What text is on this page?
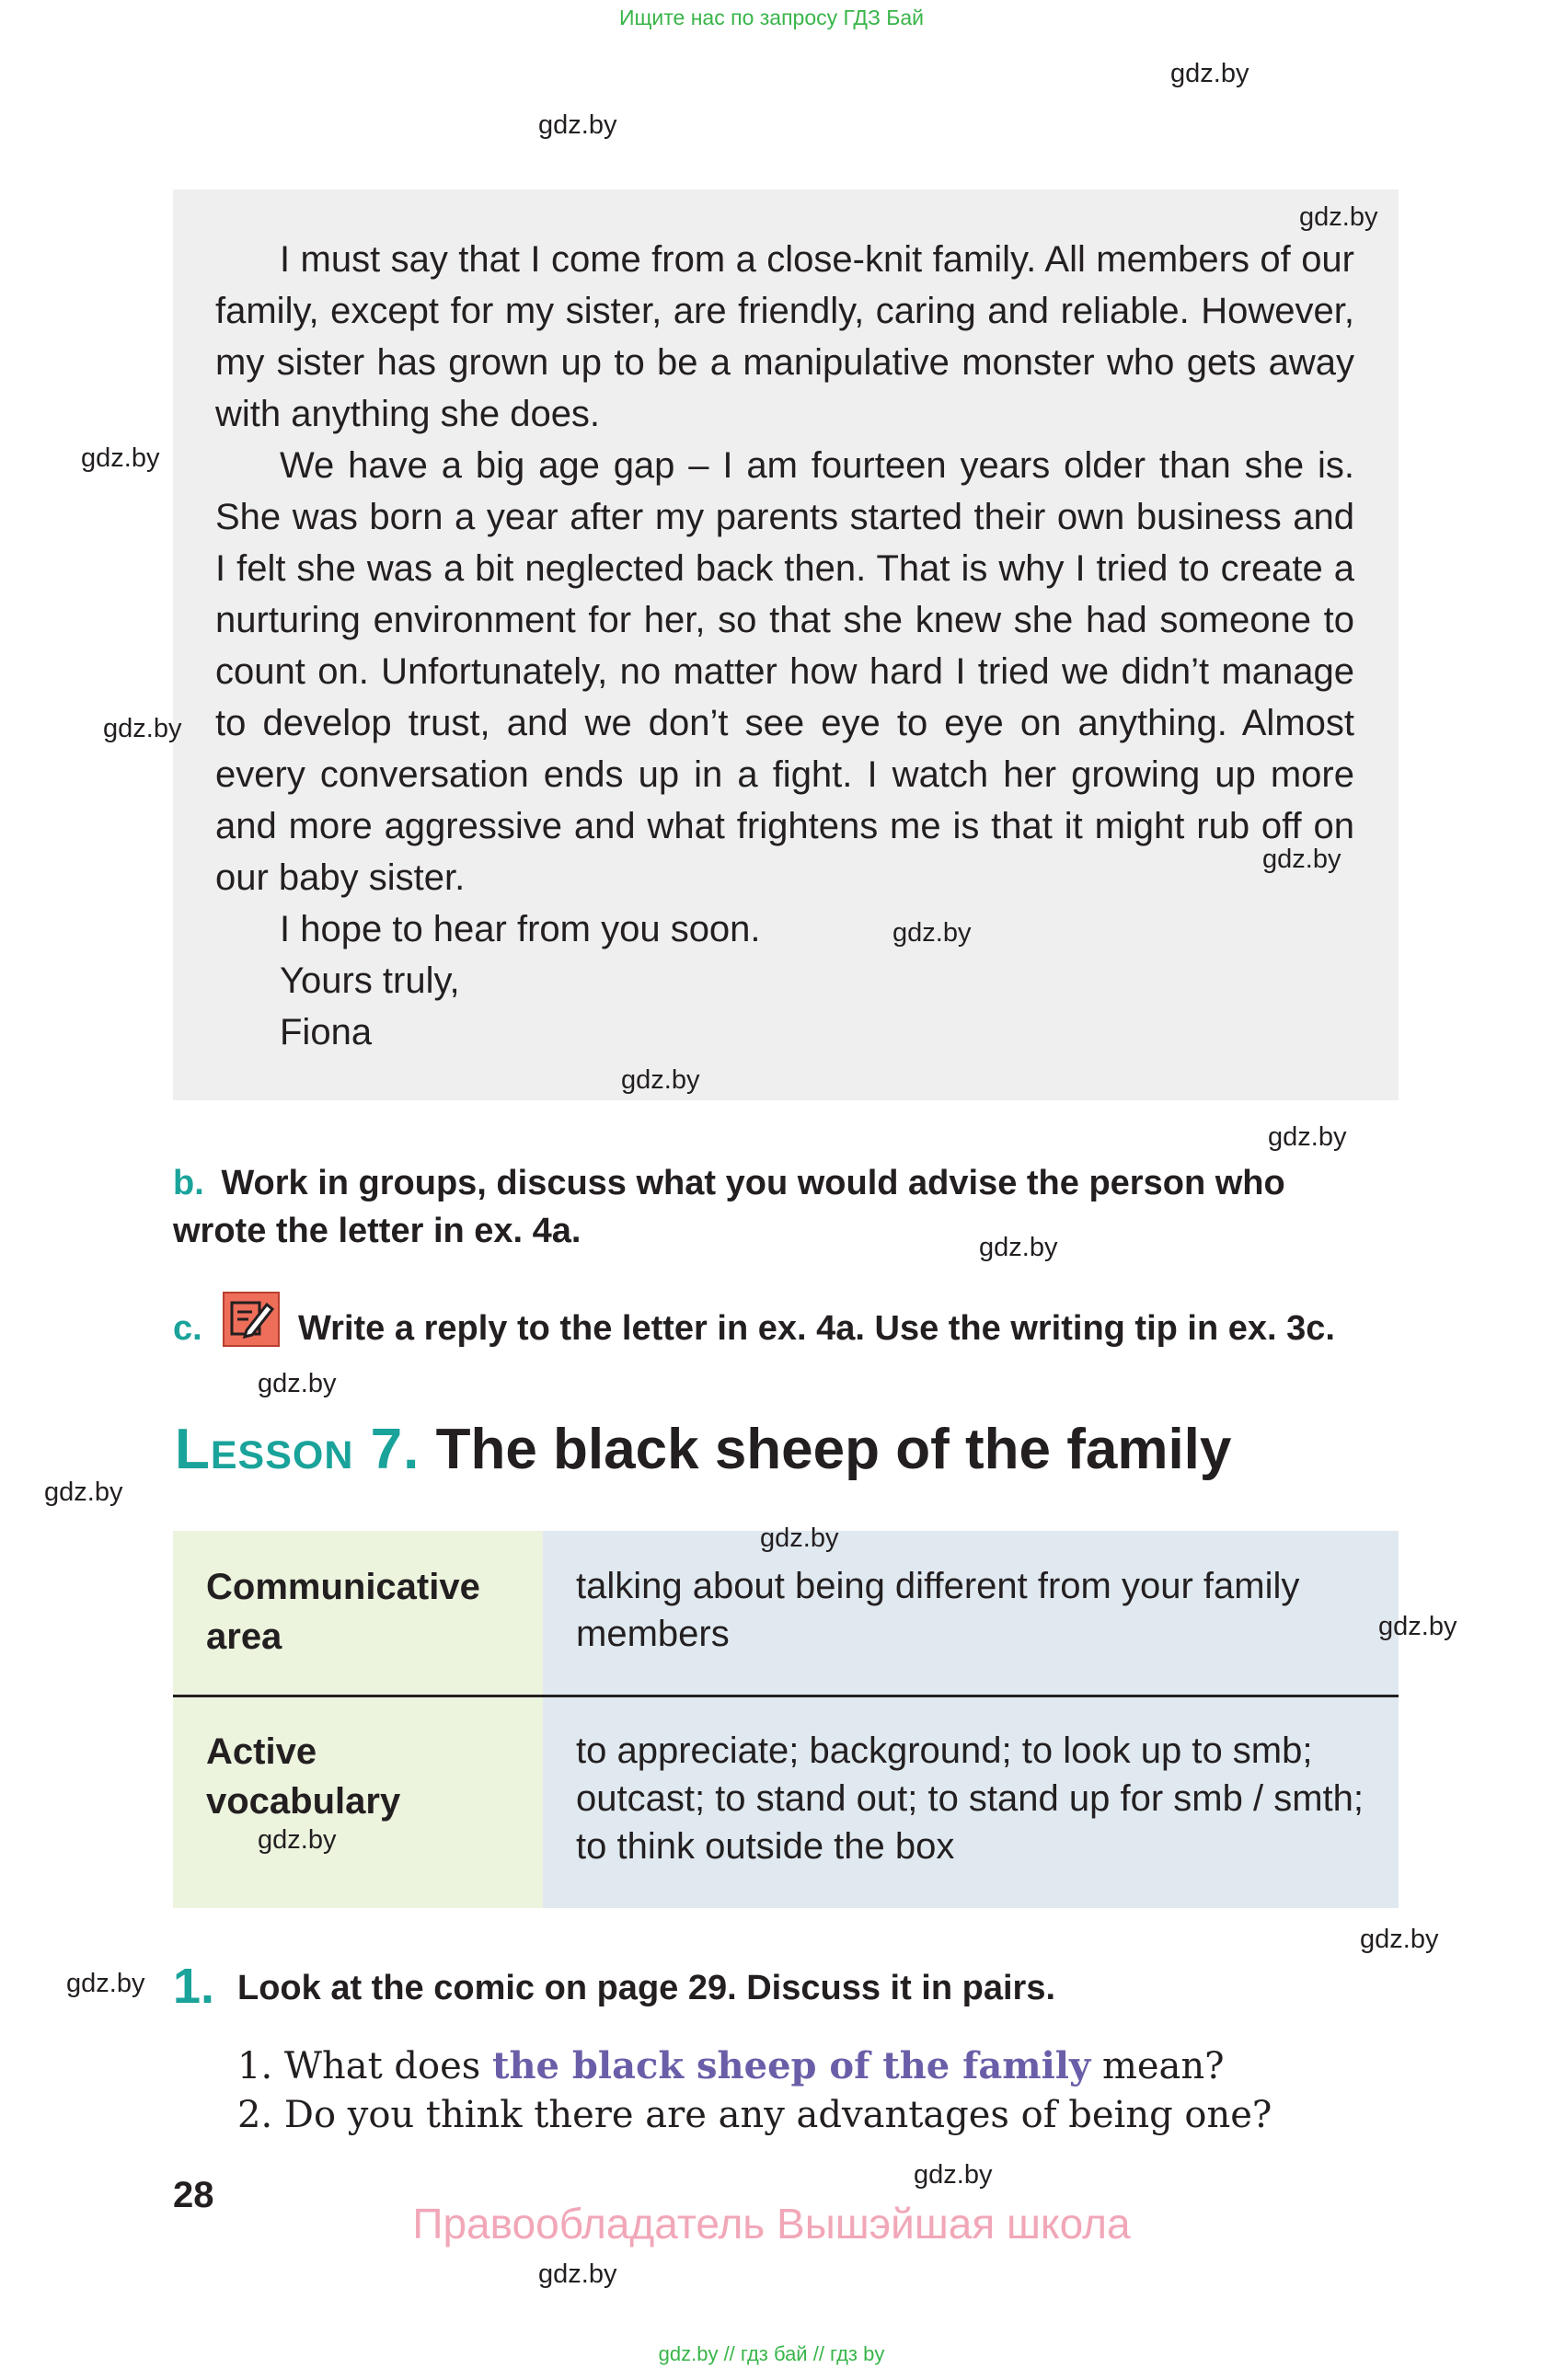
Ищите нас по запросу ГДЗ Бай
gdz.by
gdz.by

I must say that I come from a close-knit family. All members of our family, except for my sister, are friendly, caring and reliable. However, my sister has grown up to be a manipulative monster who gets away with anything she does.

We have a big age gap – I am fourteen years older than she is. She was born a year after my parents started their own business and I felt she was a bit neglected back then. That is why I tried to create a nurturing environment for her, so that she knew she had someone to count on. Unfortunately, no matter how hard I tried we didn’t manage to develop trust, and we don’t see eye to eye on anything. Almost every conversation ends up in a fight. I watch her growing up more and more aggressive and what frightens me is that it might rub off on our baby sister.

I hope to hear from you soon.
Yours truly,
Fiona
gdz.by
gdz.by
gdz.by
gdz.by
gdz.by
gdz.by
gdz.by
b. Work in groups, discuss what you would advise the person who
wrote the letter in ex. 4a.	gdz.by
c.	Write a reply to the letter in ex. 4a. Use the writing tip in ex. 3c.
gdz.by
gdz.by
Lesson 7. The black sheep of the family
Communicative
area
talking about being different from your family members
Active
vocabulary
to appreciate; background; to look up to smb; outcast; to stand out; to stand up for smb / smth; to think outside the box
gdz.by
gdz.by
gdz.by
gdz.by
gdz.by 1. Look at the comic on page 29. Discuss it in pairs.
1. What does the black sheep of the family mean?
2. Do you think there are any advantages of being one?
gdz.by
28
Правообладатель Вышэйшая школа
gdz.by
gdz.by // гдз бай // гдз by
